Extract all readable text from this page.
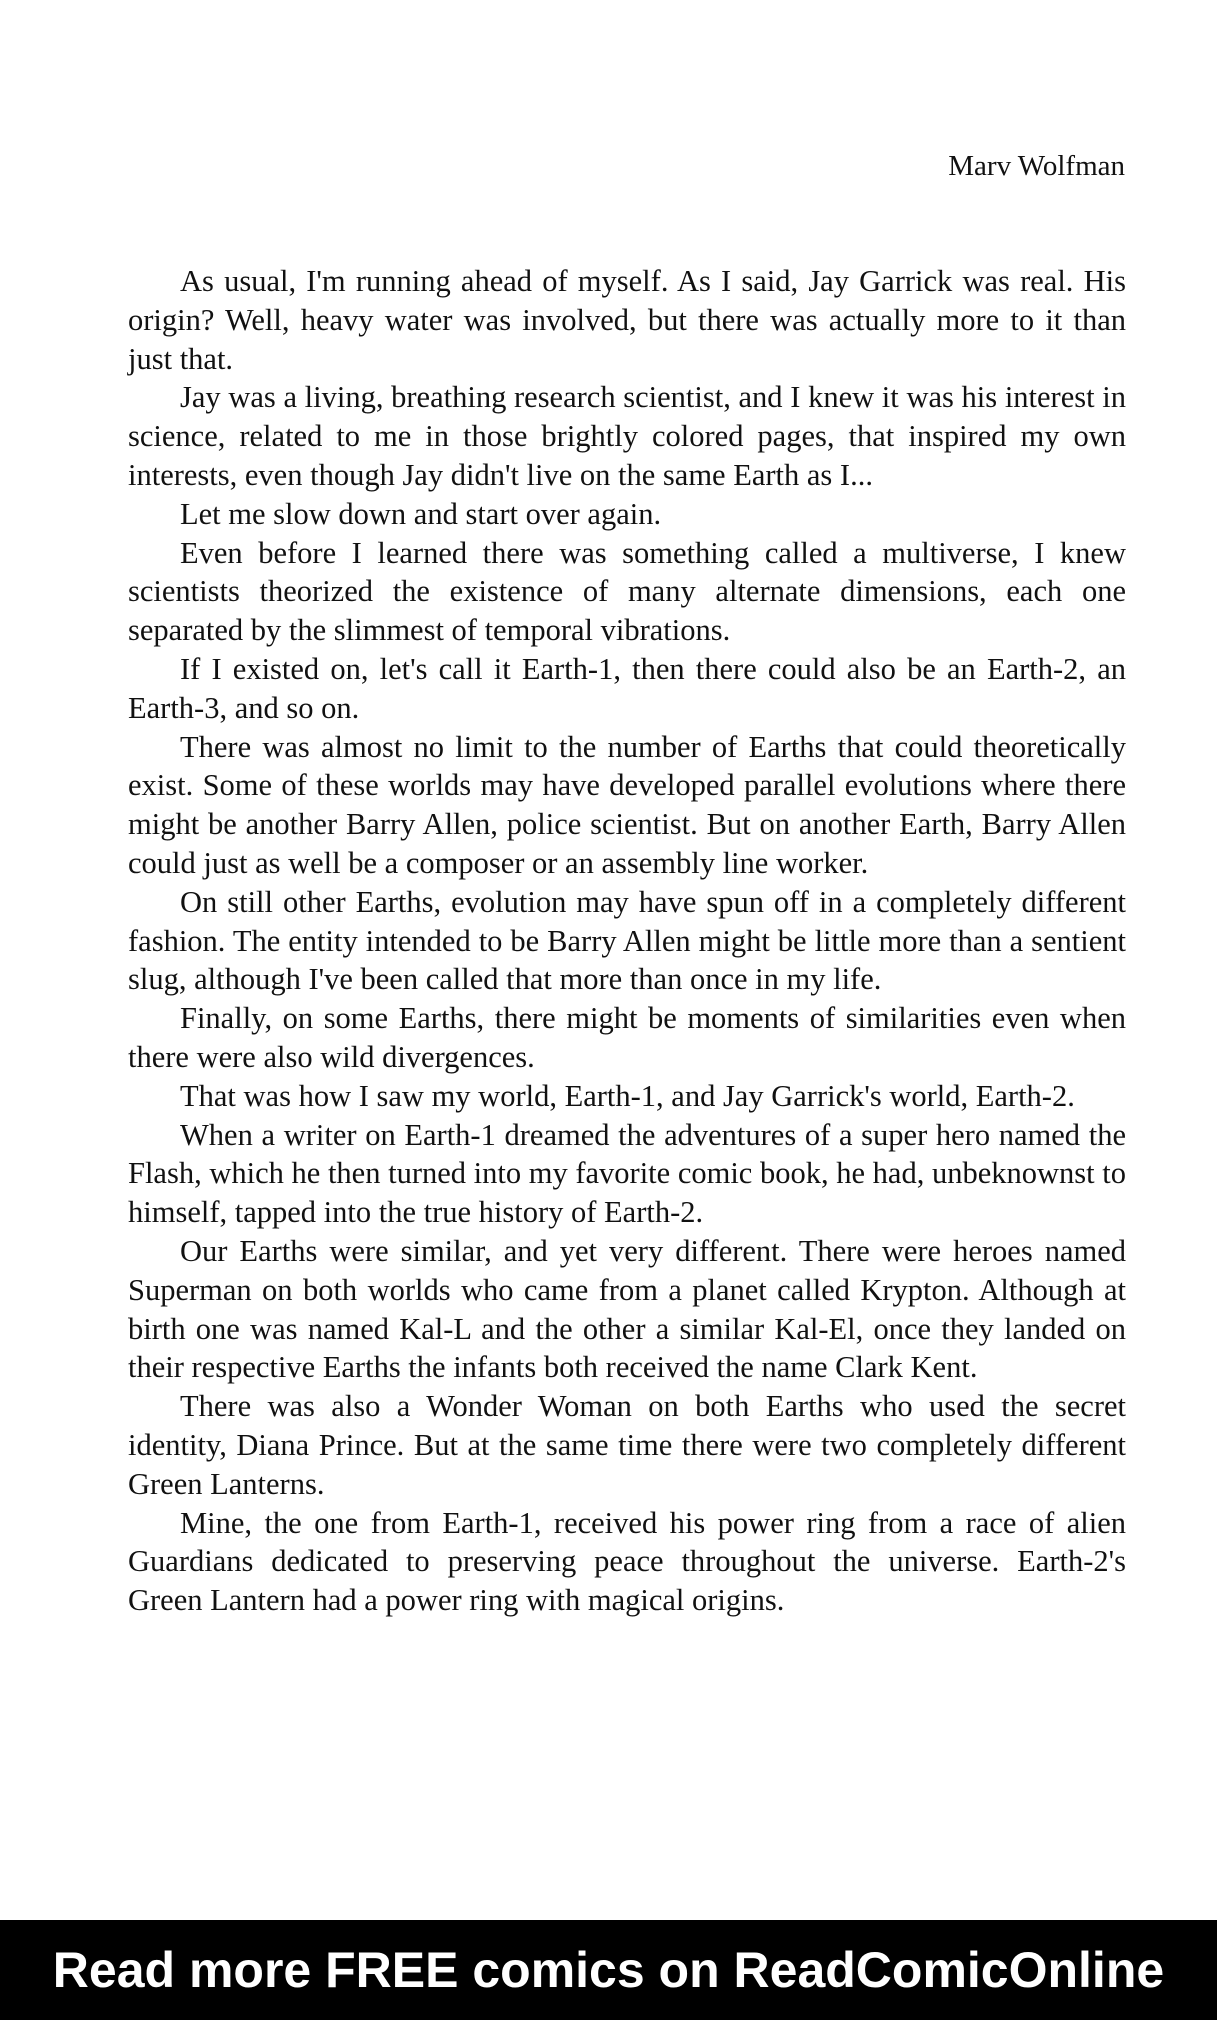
Marv Wolfman

As usual, I'm running ahead of myself. As I said, Jay Garrick was real. His origin? Well, heavy water was involved, but there was actually more to it than just that.

Jay was a living, breathing research scientist, and I knew it was his interest in science, related to me in those brightly colored pages, that inspired my own interests, even though Jay didn't live on the same Earth as I...

Let me slow down and start over again.

Even before I learned there was something called a multiverse, I knew scientists theorized the existence of many alternate dimensions, each one separated by the slimmest of temporal vibrations.

If I existed on, let's call it Earth-1, then there could also be an Earth-2, an Earth-3, and so on.

There was almost no limit to the number of Earths that could theoretically exist. Some of these worlds may have developed parallel evolutions where there might be another Barry Allen, police scientist. But on another Earth, Barry Allen could just as well be a composer or an assembly line worker.

On still other Earths, evolution may have spun off in a completely different fashion. The entity intended to be Barry Allen might be little more than a sentient slug, although I've been called that more than once in my life.

Finally, on some Earths, there might be moments of similarities even when there were also wild divergences.

That was how I saw my world, Earth-1, and Jay Garrick's world, Earth-2.

When a writer on Earth-1 dreamed the adventures of a super hero named the Flash, which he then turned into my favorite comic book, he had, unbeknownst to himself, tapped into the true history of Earth-2.

Our Earths were similar, and yet very different. There were heroes named Superman on both worlds who came from a planet called Krypton. Although at birth one was named Kal-L and the other a similar Kal-El, once they landed on their respective Earths the infants both received the name Clark Kent.

There was also a Wonder Woman on both Earths who used the secret identity, Diana Prince. But at the same time there were two completely different Green Lanterns.

Mine, the one from Earth-1, received his power ring from a race of alien Guardians dedicated to preserving peace throughout the universe. Earth-2's Green Lantern had a power ring with magical origins.

Read more FREE comics on ReadComicOnline
